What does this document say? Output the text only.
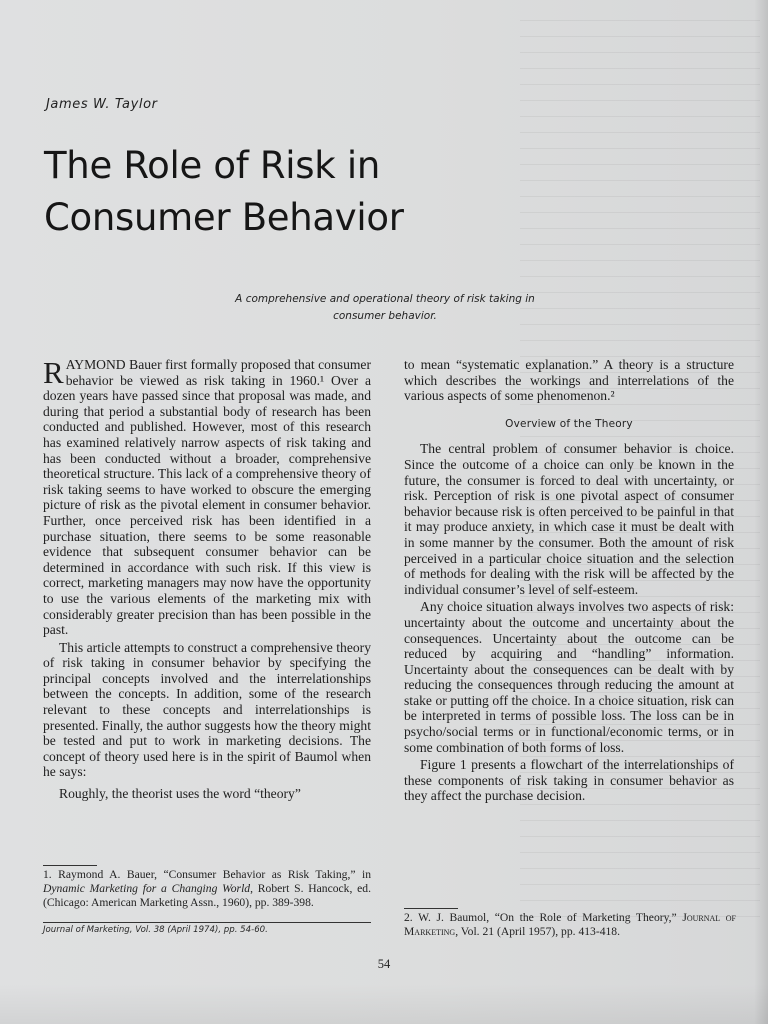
James W. Taylor
The Role of Risk in
Consumer Behavior
A comprehensive and operational theory of risk taking in
consumer behavior.

RAYMOND Bauer first formally proposed that consumer behavior be viewed as risk taking in 1960.¹ Over a dozen years have passed since that proposal was made, and during that period a substantial body of research has been conducted and published. However, most of this research has examined relatively narrow aspects of risk taking and has been conducted without a broader, comprehensive theoretical structure. This lack of a comprehensive theory of risk taking seems to have worked to obscure the emerging picture of risk as the pivotal element in consumer behavior. Further, once perceived risk has been identified in a purchase situation, there seems to be some reasonable evidence that subsequent consumer behavior can be determined in accordance with such risk. If this view is correct, marketing managers may now have the opportunity to use the various elements of the marketing mix with considerably greater precision than has been possible in the past.

This article attempts to construct a comprehensive theory of risk taking in consumer behavior by specifying the principal concepts involved and the interrelationships between the concepts. In addition, some of the research relevant to these concepts and interrelationships is presented. Finally, the author suggests how the theory might be tested and put to work in marketing decisions. The concept of theory used here is in the spirit of Baumol when he says:

Roughly, the theorist uses the word “theory”

1. Raymond A. Bauer, “Consumer Behavior as Risk Taking,” in Dynamic Marketing for a Changing World, Robert S. Hancock, ed. (Chicago: American Marketing Assn., 1960), pp. 389-398.
Journal of Marketing, Vol. 38 (April 1974), pp. 54-60.

to mean “systematic explanation.” A theory is a structure which describes the workings and interrelations of the various aspects of some phenomenon.²

Overview of the Theory

The central problem of consumer behavior is choice. Since the outcome of a choice can only be known in the future, the consumer is forced to deal with uncertainty, or risk. Perception of risk is one pivotal aspect of consumer behavior because risk is often perceived to be painful in that it may produce anxiety, in which case it must be dealt with in some manner by the consumer. Both the amount of risk perceived in a particular choice situation and the selection of methods for dealing with the risk will be affected by the individual consumer’s level of self-esteem.

Any choice situation always involves two aspects of risk: uncertainty about the outcome and uncertainty about the consequences. Uncertainty about the outcome can be reduced by acquiring and “handling” information. Uncertainty about the consequences can be dealt with by reducing the consequences through reducing the amount at stake or putting off the choice. In a choice situation, risk can be interpreted in terms of possible loss. The loss can be in psycho/social terms or in functional/economic terms, or in some combination of both forms of loss.

Figure 1 presents a flowchart of the interrelationships of these components of risk taking in consumer behavior as they affect the purchase decision.

2. W. J. Baumol, “On the Role of Marketing Theory,” Journal of Marketing, Vol. 21 (April 1957), pp. 413-418.
54
